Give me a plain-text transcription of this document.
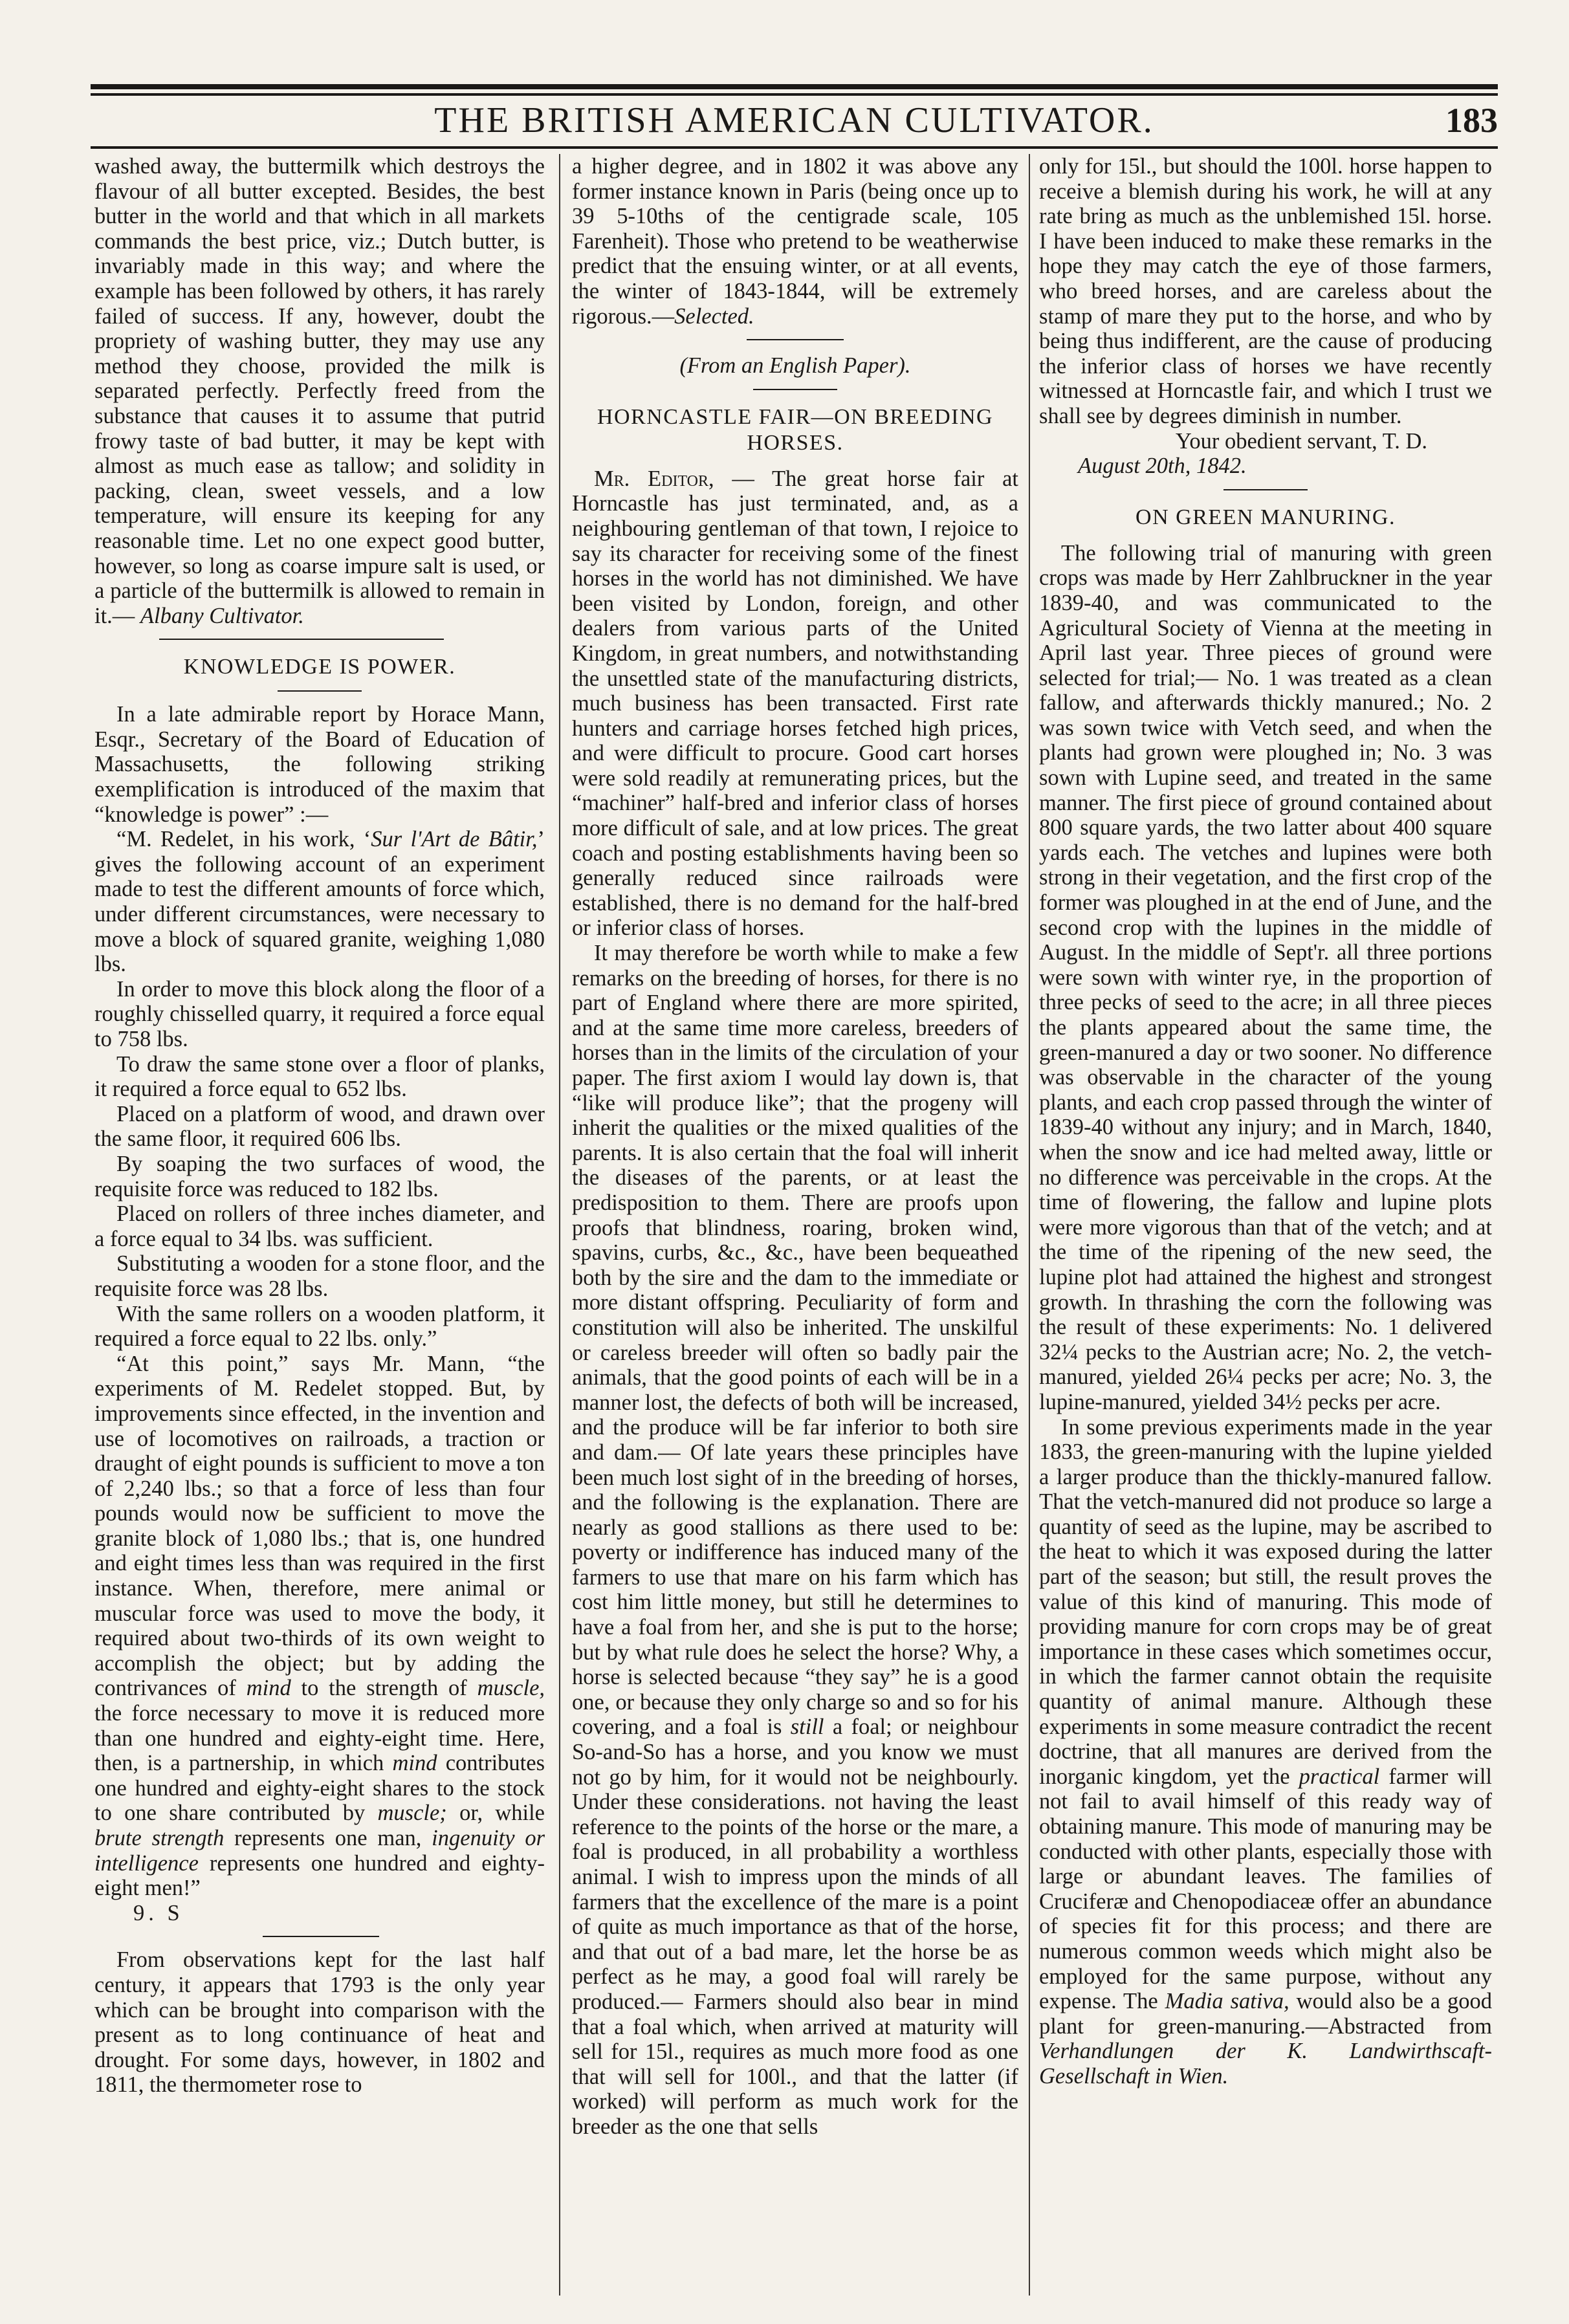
THE BRITISH AMERICAN CULTIVATOR.	183

washed away, the buttermilk which destroys the flavour of all butter excepted. Besides, the best butter in the world and that which in all markets commands the best price, viz.; Dutch butter, is invariably made in this way; and where the example has been followed by others, it has rarely failed of success. If any, however, doubt the propriety of washing butter, they may use any method they choose, provided the milk is separated perfectly. Perfectly freed from the substance that causes it to assume that putrid frowy taste of bad butter, it may be kept with almost as much ease as tallow; and solidity in packing, clean, sweet vessels, and a low temperature, will ensure its keeping for any reasonable time. Let no one expect good butter, however, so long as coarse impure salt is used, or a particle of the buttermilk is allowed to remain in it.— Albany Cultivator.

KNOWLEDGE IS POWER.

In a late admirable report by Horace Mann, Esqr., Secretary of the Board of Education of Massachusetts, the following striking exemplification is introduced of the maxim that “knowledge is power” :—

“M. Redelet, in his work, ‘Sur l'Art de Bâtir,’ gives the following account of an experiment made to test the different amounts of force which, under different circumstances, were necessary to move a block of squared granite, weighing 1,080 lbs.

In order to move this block along the floor of a roughly chisselled quarry, it required a force equal to 758 lbs.

To draw the same stone over a floor of planks, it required a force equal to 652 lbs.

Placed on a platform of wood, and drawn over the same floor, it required 606 lbs.

By soaping the two surfaces of wood, the requisite force was reduced to 182 lbs.

Placed on rollers of three inches diameter, and a force equal to 34 lbs. was sufficient.

Substituting a wooden for a stone floor, and the requisite force was 28 lbs.

With the same rollers on a wooden platform, it required a force equal to 22 lbs. only.”

“At this point,” says Mr. Mann, “the experiments of M. Redelet stopped. But, by improvements since effected, in the invention and use of locomotives on railroads, a traction or draught of eight pounds is sufficient to move a ton of 2,240 lbs.; so that a force of less than four pounds would now be sufficient to move the granite block of 1,080 lbs.; that is, one hundred and eight times less than was required in the first instance. When, therefore, mere animal or muscular force was used to move the body, it required about two-thirds of its own weight to accomplish the object; but by adding the contrivances of mind to the strength of muscle, the force necessary to move it is reduced more than one hundred and eighty-eight time. Here, then, is a partnership, in which mind contributes one hundred and eighty-eight shares to the stock to one share contributed by muscle; or, while brute strength represents one man, ingenuity or intelligence represents one hundred and eighty-eight men!”

9. S

From observations kept for the last half century, it appears that 1793 is the only year which can be brought into comparison with the present as to long continuance of heat and drought. For some days, however, in 1802 and 1811, the thermometer rose to

a higher degree, and in 1802 it was above any former instance known in Paris (being once up to 39 5-10ths of the centigrade scale, 105 Farenheit). Those who pretend to be weatherwise predict that the ensuing winter, or at all events, the winter of 1843-1844, will be extremely rigorous.—Selected.

(From an English Paper).

HORNCASTLE FAIR—ON BREEDING HORSES.

Mr. Editor, — The great horse fair at Horncastle has just terminated, and, as a neighbouring gentleman of that town, I rejoice to say its character for receiving some of the finest horses in the world has not diminished. We have been visited by London, foreign, and other dealers from various parts of the United Kingdom, in great numbers, and notwithstanding the unsettled state of the manufacturing districts, much business has been transacted. First rate hunters and carriage horses fetched high prices, and were difficult to procure. Good cart horses were sold readily at remunerating prices, but the “machiner” half-bred and inferior class of horses more difficult of sale, and at low prices. The great coach and posting establishments having been so generally reduced since railroads were established, there is no demand for the half-bred or inferior class of horses.

It may therefore be worth while to make a few remarks on the breeding of horses, for there is no part of England where there are more spirited, and at the same time more careless, breeders of horses than in the limits of the circulation of your paper. The first axiom I would lay down is, that “like will produce like”; that the progeny will inherit the qualities or the mixed qualities of the parents. It is also certain that the foal will inherit the diseases of the parents, or at least the predisposition to them. There are proofs upon proofs that blindness, roaring, broken wind, spavins, curbs, &c., &c., have been bequeathed both by the sire and the dam to the immediate or more distant offspring. Peculiarity of form and constitution will also be inherited. The unskilful or careless breeder will often so badly pair the animals, that the good points of each will be in a manner lost, the defects of both will be increased, and the produce will be far inferior to both sire and dam.— Of late years these principles have been much lost sight of in the breeding of horses, and the following is the explanation. There are nearly as good stallions as there used to be: poverty or indifference has induced many of the farmers to use that mare on his farm which has cost him little money, but still he determines to have a foal from her, and she is put to the horse; but by what rule does he select the horse? Why, a horse is selected because “they say” he is a good one, or because they only charge so and so for his covering, and a foal is still a foal; or neighbour So-and-So has a horse, and you know we must not go by him, for it would not be neighbourly. Under these considerations. not having the least reference to the points of the horse or the mare, a foal is produced, in all probability a worthless animal. I wish to impress upon the minds of all farmers that the excellence of the mare is a point of quite as much importance as that of the horse, and that out of a bad mare, let the horse be as perfect as he may, a good foal will rarely be produced.— Farmers should also bear in mind that a foal which, when arrived at maturity will sell for 15l., requires as much more food as one that will sell for 100l., and that the latter (if worked) will perform as much work for the breeder as the one that sells

only for 15l., but should the 100l. horse happen to receive a blemish during his work, he will at any rate bring as much as the unblemished 15l. horse. I have been induced to make these remarks in the hope they may catch the eye of those farmers, who breed horses, and are careless about the stamp of mare they put to the horse, and who by being thus indifferent, are the cause of producing the inferior class of horses we have recently witnessed at Horncastle fair, and which I trust we shall see by degrees diminish in number.

Your obedient servant, T. D.

August 20th, 1842.

ON GREEN MANURING.

The following trial of manuring with green crops was made by Herr Zahlbruckner in the year 1839-40, and was communicated to the Agricultural Society of Vienna at the meeting in April last year. Three pieces of ground were selected for trial;— No. 1 was treated as a clean fallow, and afterwards thickly manured.; No. 2 was sown twice with Vetch seed, and when the plants had grown were ploughed in; No. 3 was sown with Lupine seed, and treated in the same manner. The first piece of ground contained about 800 square yards, the two latter about 400 square yards each. The vetches and lupines were both strong in their vegetation, and the first crop of the former was ploughed in at the end of June, and the second crop with the lupines in the middle of August. In the middle of Sept'r. all three portions were sown with winter rye, in the proportion of three pecks of seed to the acre; in all three pieces the plants appeared about the same time, the green-manured a day or two sooner. No difference was observable in the character of the young plants, and each crop passed through the winter of 1839-40 without any injury; and in March, 1840, when the snow and ice had melted away, little or no difference was perceivable in the crops. At the time of flowering, the fallow and lupine plots were more vigorous than that of the vetch; and at the time of the ripening of the new seed, the lupine plot had attained the highest and strongest growth. In thrashing the corn the following was the result of these experiments: No. 1 delivered 32¼ pecks to the Austrian acre; No. 2, the vetch-manured, yielded 26¼ pecks per acre; No. 3, the lupine-manured, yielded 34½ pecks per acre.

In some previous experiments made in the year 1833, the green-manuring with the lupine yielded a larger produce than the thickly-manured fallow. That the vetch-manured did not produce so large a quantity of seed as the lupine, may be ascribed to the heat to which it was exposed during the latter part of the season; but still, the result proves the value of this kind of manuring. This mode of providing manure for corn crops may be of great importance in these cases which sometimes occur, in which the farmer cannot obtain the requisite quantity of animal manure. Although these experiments in some measure contradict the recent doctrine, that all manures are derived from the inorganic kingdom, yet the practical farmer will not fail to avail himself of this ready way of obtaining manure. This mode of manuring may be conducted with other plants, especially those with large or abundant leaves. The families of Cruciferæ and Chenopodiaceæ offer an abundance of species fit for this process; and there are numerous common weeds which might also be employed for the same purpose, without any expense. The Madia sativa, would also be a good plant for green-manuring.—Abstracted from Verhandlungen der K. Landwirthscaft-Gesellschaft in Wien.
